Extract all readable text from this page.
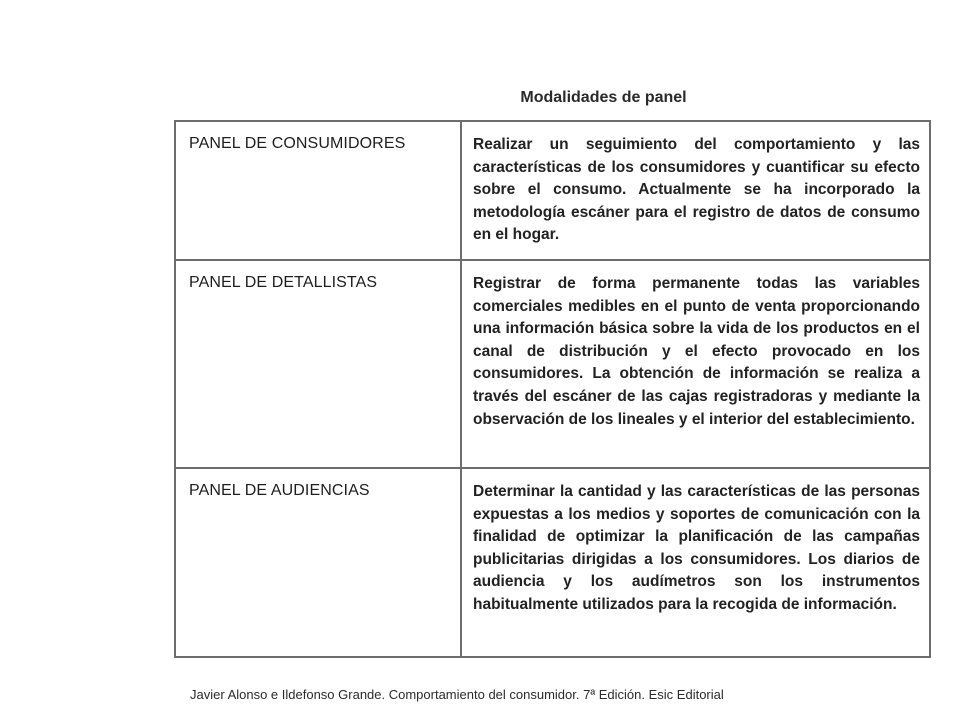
Modalidades de panel
PANEL DE CONSUMIDORES	Realizar un seguimiento del comportamiento y las características de los consumidores y cuantificar su efecto sobre el consumo. Actualmente se ha incorporado la metodología escáner para el registro de datos de consumo en el hogar.

PANEL DE DETALLISTAS	Registrar de forma permanente todas las variables comerciales medibles en el punto de venta proporcionando una información básica sobre la vida de los productos en el canal de distribución y el efecto provocado en los consumidores. La obtención de información se realiza a través del escáner de las cajas registradoras y mediante la observación de los lineales y el interior del establecimiento.

PANEL DE AUDIENCIAS	Determinar la cantidad y las características de las personas expuestas a los medios y soportes de comunicación con la finalidad de optimizar la planificación de las campañas publicitarias dirigidas a los consumidores. Los diarios de audiencia y los audímetros son los instrumentos habitualmente utilizados para la recogida de información.
Javier Alonso e Ildefonso Grande. Comportamiento del consumidor. 7ª Edición. Esic Editorial
